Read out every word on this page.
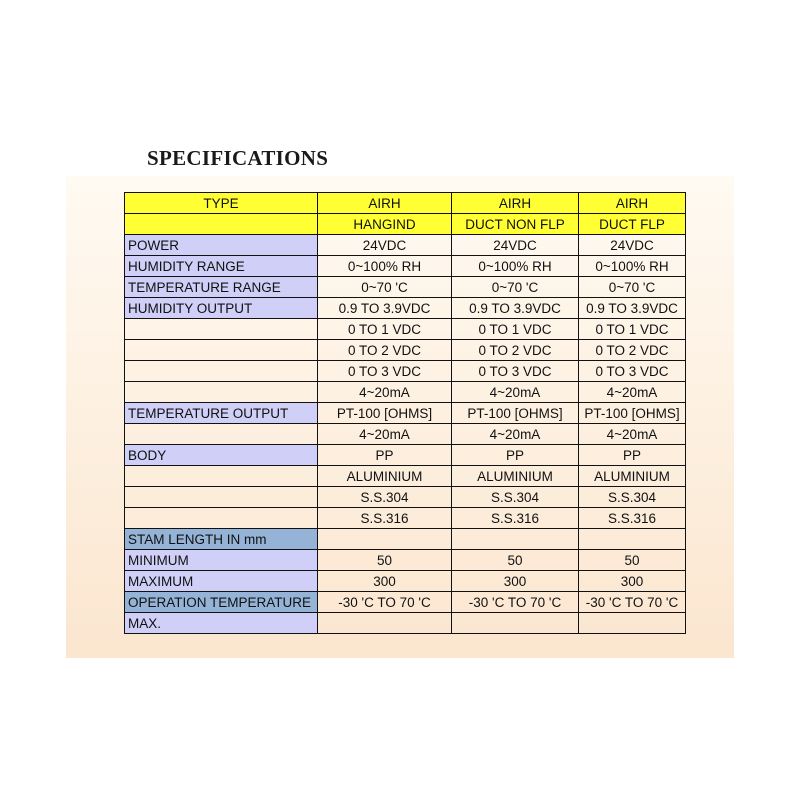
SPECIFICATIONS
TYPE	AIRH	AIRH	AIRH
	HANGIND	DUCT NON FLP	DUCT FLP
POWER	24VDC	24VDC	24VDC
HUMIDITY RANGE	0~100% RH	0~100% RH	0~100% RH
TEMPERATURE RANGE	0~70 'C	0~70 'C	0~70 'C
HUMIDITY OUTPUT	0.9 TO 3.9VDC	0.9 TO 3.9VDC	0.9 TO 3.9VDC
	0 TO 1 VDC	0 TO 1 VDC	0 TO 1 VDC
	0 TO 2 VDC	0 TO 2 VDC	0 TO 2 VDC
	0 TO 3 VDC	0 TO 3 VDC	0 TO 3 VDC
	4~20mA	4~20mA	4~20mA
TEMPERATURE OUTPUT	PT-100 [OHMS]	PT-100 [OHMS]	PT-100 [OHMS]
	4~20mA	4~20mA	4~20mA
BODY	PP	PP	PP
	ALUMINIUM	ALUMINIUM	ALUMINIUM
	S.S.304	S.S.304	S.S.304
	S.S.316	S.S.316	S.S.316
STAM LENGTH IN mm			
MINIMUM	50	50	50
MAXIMUM	300	300	300
OPERATION TEMPERATURE	-30 'C TO 70 'C	-30 'C TO 70 'C	-30 'C TO 70 'C
MAX.			
